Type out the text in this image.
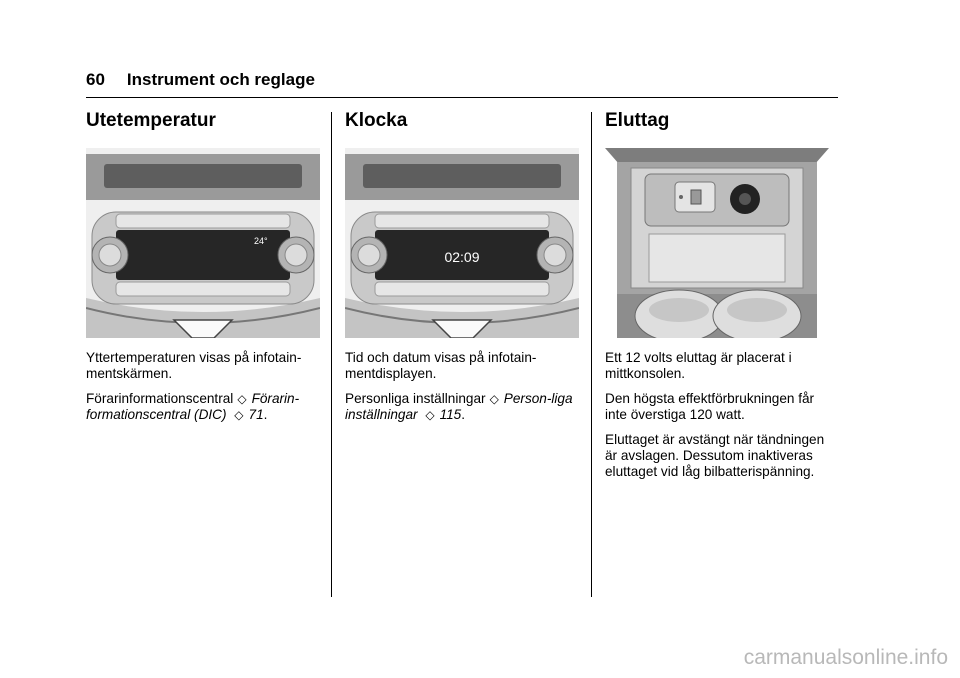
60 Instrument och reglage
Utetemperatur
24°

Yttertemperaturen visas på infotain-mentskärmen.

Förarinformationscentral ◇ Förarin-formationscentral (DIC) ◇ 71.

Klocka
02:09

Tid och datum visas på infotain-mentdisplayen.

Personliga inställningar ◇ Person-liga inställningar ◇ 115.

Eluttag

Ett 12 volts eluttag är placerat i mittkonsolen.

Den högsta effektförbrukningen får inte överstiga 120 watt.

Eluttaget är avstängt när tändningen är avslagen. Dessutom inaktiveras eluttaget vid låg bilbatterispänning.

carmanualsonline.info
